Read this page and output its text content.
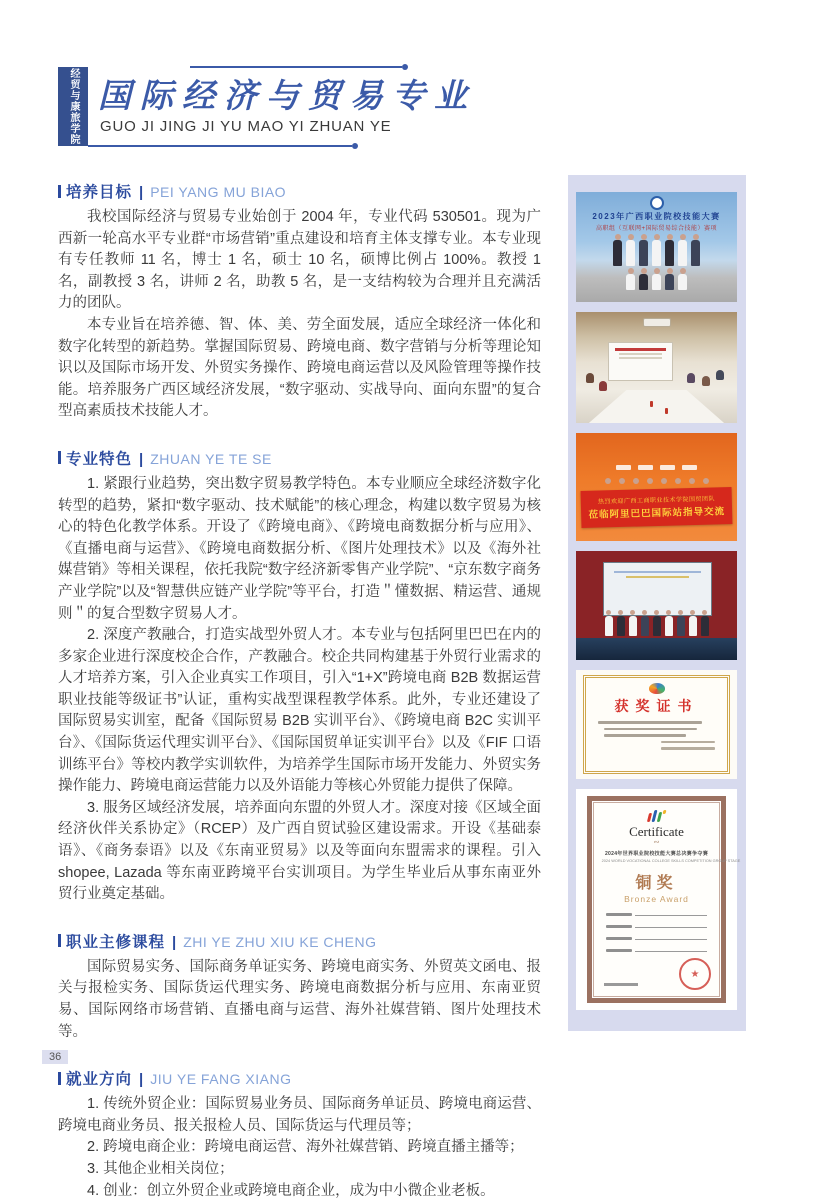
经贸与康旅学院 国际经济与贸易专业
GUO JI JING JI YU MAO YI ZHUAN YE
培养目标 | PEI YANG MU BIAO

我校国际经济与贸易专业始创于 2004 年，专业代码 530501。现为广西新一轮高水平专业群“市场营销”重点建设和培育主体支撑专业。本专业现有专任教师 11 名，博士 1 名，硕士 10 名，硕博比例占 100%。教授 1 名，副教授 3 名，讲师 2 名，助教 5 名，是一支结构较为合理并且充满活力的团队。

本专业旨在培养德、智、体、美、劳全面发展，适应全球经济一体化和数字化转型的新趋势。掌握国际贸易、跨境电商、数字营销与分析等理论知识以及国际市场开发、外贸实务操作、跨境电商运营以及风险管理等操作技能。培养服务广西区域经济发展，“数字驱动、实战导向、面向东盟”的复合型高素质技术技能人才。

专业特色 | ZHUAN YE TE SE

1. 紧跟行业趋势，突出数字贸易教学特色。本专业顺应全球经济数字化转型的趋势，紧扣“数字驱动、技术赋能”的核心理念，构建以数字贸易为核心的特色化教学体系。开设了《跨境电商》、《跨境电商数据分析与应用》、《直播电商与运营》、《跨境电商数据分析、《图片处理技术》以及《海外社媒营销》等相关课程，依托我院“数字经济新零售产业学院”、“京东数字商务产业学院”以及“智慧供应链产业学院”等平台，打造＂懂数据、精运营、通规则＂的复合型数字贸易人才。

2. 深度产教融合，打造实战型外贸人才。本专业与包括阿里巴巴在内的多家企业进行深度校企合作，产教融合。校企共同构建基于外贸行业需求的人才培养方案，引入企业真实工作项目，引入“1+X”跨境电商 B2B 数据运营职业技能等级证书”认证，重构实战型课程教学体系。此外，专业还建设了国际贸易实训室，配备《国际贸易 B2B 实训平台》、《跨境电商 B2C 实训平台》、《国际货运代理实训平台》、《国际国贸单证实训平台》以及《FIF 口语训练平台》等校内教学实训软件，为培养学生国际市场开发能力、外贸实务操作能力、跨境电商运营能力以及外语能力等核心外贸能力提供了保障。

3. 服务区域经济发展，培养面向东盟的外贸人才。深度对接《区域全面经济伙伴关系协定》（RCEP）及广西自贸试验区建设需求。开设《基础泰语》、《商务泰语》以及《东南亚贸易》以及等面向东盟需求的课程。引入 shopee, Lazada 等东南亚跨境平台实训项目。为学生毕业后从事东南亚外贸行业奠定基础。

职业主修课程 | ZHI YE ZHU XIU KE CHENG

国际贸易实务、国际商务单证实务、跨境电商实务、外贸英文函电、报关与报检实务、国际货运代理实务、跨境电商数据分析与应用、东南亚贸易、国际网络市场营销、直播电商与运营、海外社媒营销、图片处理技术等。

就业方向 | JIU YE FANG XIANG

1. 传统外贸企业：国际贸易业务员、国际商务单证员、跨境电商运营、跨境电商业务员、报关报检人员、国际货运与代理员等；

2. 跨境电商企业：跨境电商运营、海外社媒营销、跨境直播主播等；

3. 其他企业相关岗位；

4. 创业：创立外贸企业或跨境电商企业，成为中小微企业老板。

2023年广西职业院校技能大赛
高职组（互联网+国际贸易综合技能）赛项
热烈欢迎广西工商职业技术学院国贸团队
莅临阿里巴巴国际站指导交流
获奖证书
Certificate
∾
2024年世界职业院校技能大赛总决赛争夺赛
2024 WORLD VOCATIONAL COLLEGE SKILLS COMPETITION GROUP STAGE
铜奖
Bronze Award
★
36
